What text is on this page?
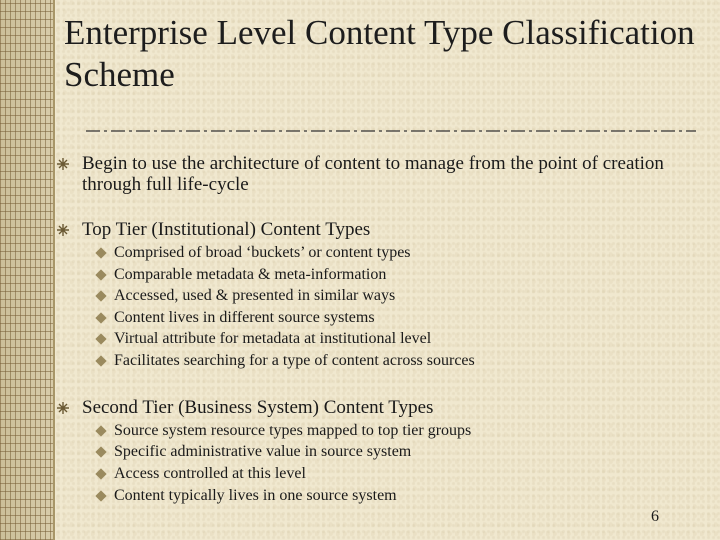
Enterprise Level Content Type Classification Scheme
Begin to use the architecture of content to manage from the point of creation through full life-cycle
Top Tier (Institutional) Content Types
Comprised of broad ‘buckets’ or content types
Comparable metadata & meta-information
Accessed, used & presented in similar ways
Content lives in different source systems
Virtual attribute for metadata at institutional level
Facilitates searching for a type of content across sources
Second Tier (Business System) Content Types
Source system resource types mapped to top tier groups
Specific administrative value in source system
Access controlled at this level
Content typically lives in one source system
6
